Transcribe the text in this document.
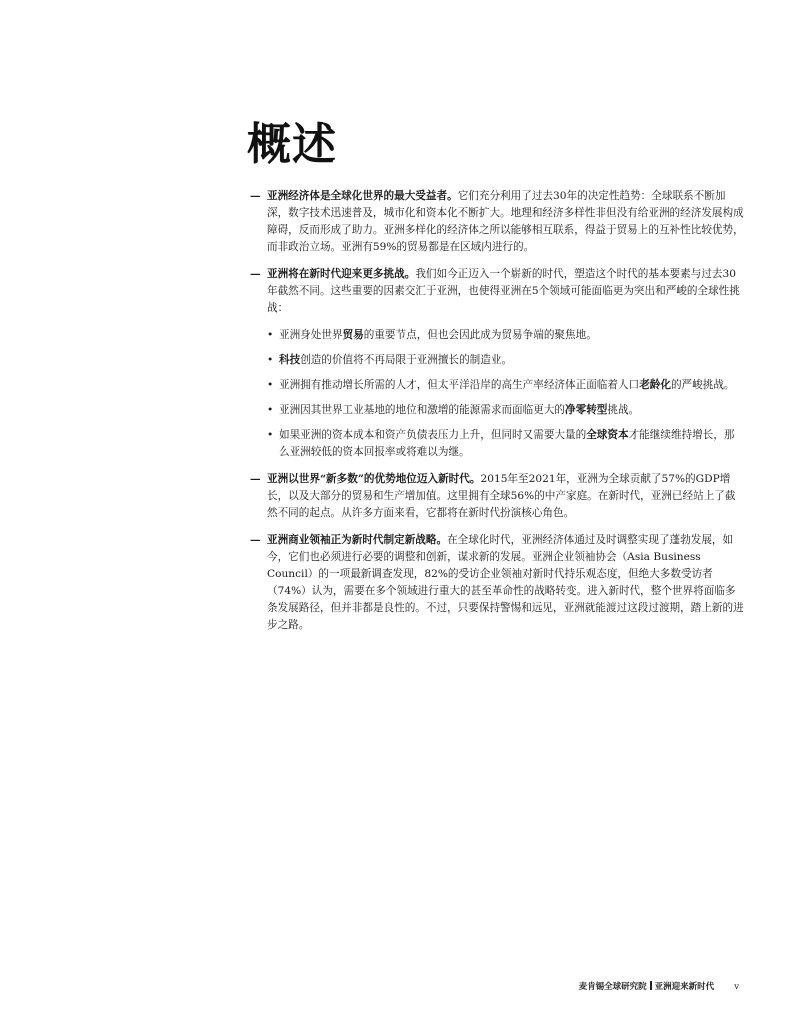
概述

— 亚洲经济体是全球化世界的最大受益者。它们充分利用了过去30年的决定性趋势：全球联系不断加深，数字技术迅速普及，城市化和资本化不断扩大。地理和经济多样性非但没有给亚洲的经济发展构成障碍，反而形成了助力。亚洲多样化的经济体之所以能够相互联系，得益于贸易上的互补性比较优势，而非政治立场。亚洲有59%的贸易都是在区域内进行的。

— 亚洲将在新时代迎来更多挑战。我们如今正迈入一个崭新的时代，塑造这个时代的基本要素与过去30年截然不同。这些重要的因素交汇于亚洲，也使得亚洲在5个领域可能面临更为突出和严峻的全球性挑战：

• 亚洲身处世界贸易的重要节点，但也会因此成为贸易争端的聚焦地。
• 科技创造的价值将不再局限于亚洲擅长的制造业。
• 亚洲拥有推动增长所需的人才，但太平洋沿岸的高生产率经济体正面临着人口老龄化的严峻挑战。
• 亚洲因其世界工业基地的地位和激增的能源需求而面临更大的净零转型挑战。
• 如果亚洲的资本成本和资产负债表压力上升，但同时又需要大量的全球资本才能继续维持增长，那么亚洲较低的资本回报率或将难以为继。

— 亚洲以世界“新多数”的优势地位迈入新时代。2015年至2021年，亚洲为全球贡献了57%的GDP增长，以及大部分的贸易和生产增加值。这里拥有全球56%的中产家庭。在新时代，亚洲已经站上了截然不同的起点。从许多方面来看，它都将在新时代扮演核心角色。

— 亚洲商业领袖正为新时代制定新战略。在全球化时代，亚洲经济体通过及时调整实现了蓬勃发展，如今，它们也必须进行必要的调整和创新，谋求新的发展。亚洲企业领袖协会（Asia Business Council）的一项最新调查发现，82%的受访企业领袖对新时代持乐观态度，但绝大多数受访者（74%）认为，需要在多个领域进行重大的甚至革命性的战略转变。进入新时代，整个世界将面临多条发展路径，但并非都是良性的。不过，只要保持警惕和远见，亚洲就能渡过这段过渡期，踏上新的进步之路。

麦肯锡全球研究院 亚洲迎来新时代 v
